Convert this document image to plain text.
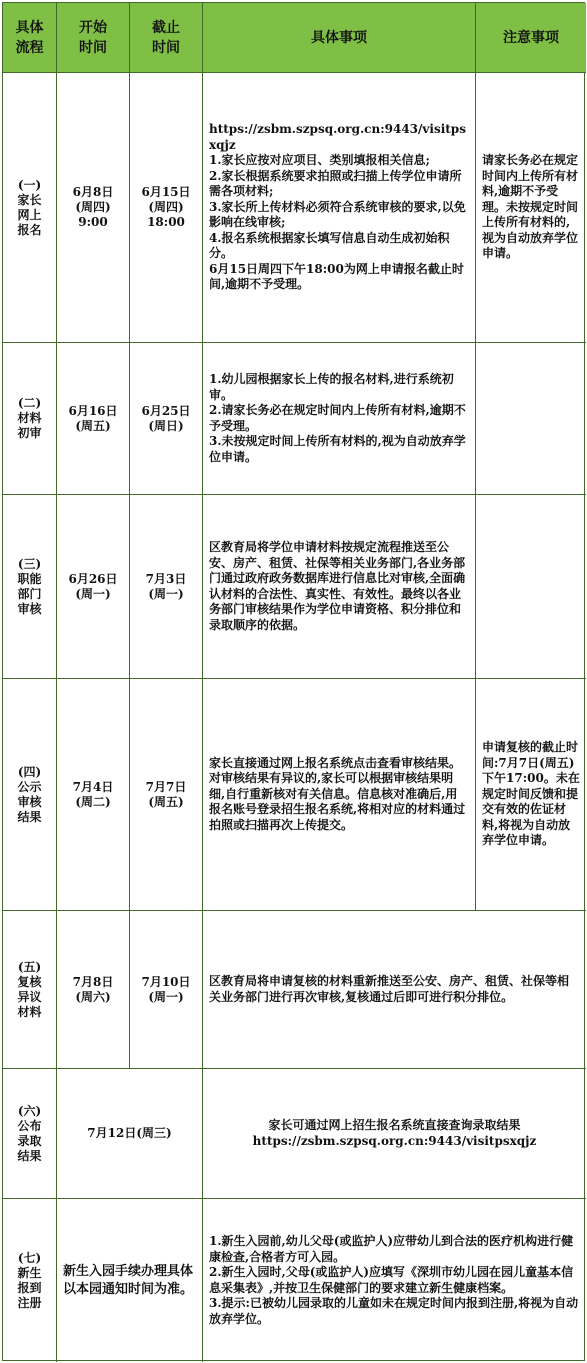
具体
流程
开始
时间
截止
时间
具体事项	注意事项
(一)
家长
网上
报名
6月8日
(周四)
9:00
6月15日
(周四)
18:00

https://zsbm.szpsq.org.cn:9443/visitpsxqjz

1.家长应按对应项目、类别填报相关信息;

2.家长根据系统要求拍照或扫描上传学位申请所需各项材料;

3.家长所上传材料必须符合系统审核的要求,以免影响在线审核;

4.报名系统根据家长填写信息自动生成初始积分。

6月15日周四下午18:00为网上申请报名截止时间,逾期不予受理。

请家长务必在规定时间内上传所有材料,逾期不予受理。未按规定时间上传所有材料的,视为自动放弃学位申请。

(二)
材料
初审
6月16日
(周五)
6月25日
(周日)

1.幼儿园根据家长上传的报名材料,进行系统初审。

2.请家长务必在规定时间内上传所有材料,逾期不予受理。

3.未按规定时间上传所有材料的,视为自动放弃学位申请。

(三)
职能
部门
审核
6月26日
(周一)
7月3日
(周一)

区教育局将学位申请材料按规定流程推送至公安、房产、租赁、社保等相关业务部门,各业务部门通过政府政务数据库进行信息比对审核,全面确认材料的合法性、真实性、有效性。最终以各业务部门审核结果作为学位申请资格、积分排位和录取顺序的依据。

(四)
公示
审核
结果
7月4日
(周二)
7月7日
(周五)

家长直接通过网上报名系统点击查看审核结果。对审核结果有异议的,家长可以根据审核结果明细,自行重新核对有关信息。信息核对准确后,用报名账号登录招生报名系统,将相对应的材料通过拍照或扫描再次上传提交。

申请复核的截止时间:7月7日(周五)下午17:00。未在规定时间反馈和提交有效的佐证材料,将视为自动放弃学位申请。

(五)
复核
异议
材料
7月8日
(周六)
7月10日
(周一)

区教育局将申请复核的材料重新推送至公安、房产、租赁、社保等相关业务部门进行再次审核,复核通过后即可进行积分排位。

(六)
公布
录取
结果
7月12日(周三)

家长可通过网上招生报名系统直接查询录取结果

https://zsbm.szpsq.org.cn:9443/visitpsxqjz

(七)
新生
报到
注册

新生入园手续办理具体以本园通知时间为准。

1.新生入园前,幼儿父母(或监护人)应带幼儿到合法的医疗机构进行健康检查,合格者方可入园。

2.新生入园时,父母(或监护人)应填写《深圳市幼儿园在园儿童基本信息采集表》,并按卫生保健部门的要求建立新生健康档案。

3.提示:已被幼儿园录取的儿童如未在规定时间内报到注册,将视为自动放弃学位。
